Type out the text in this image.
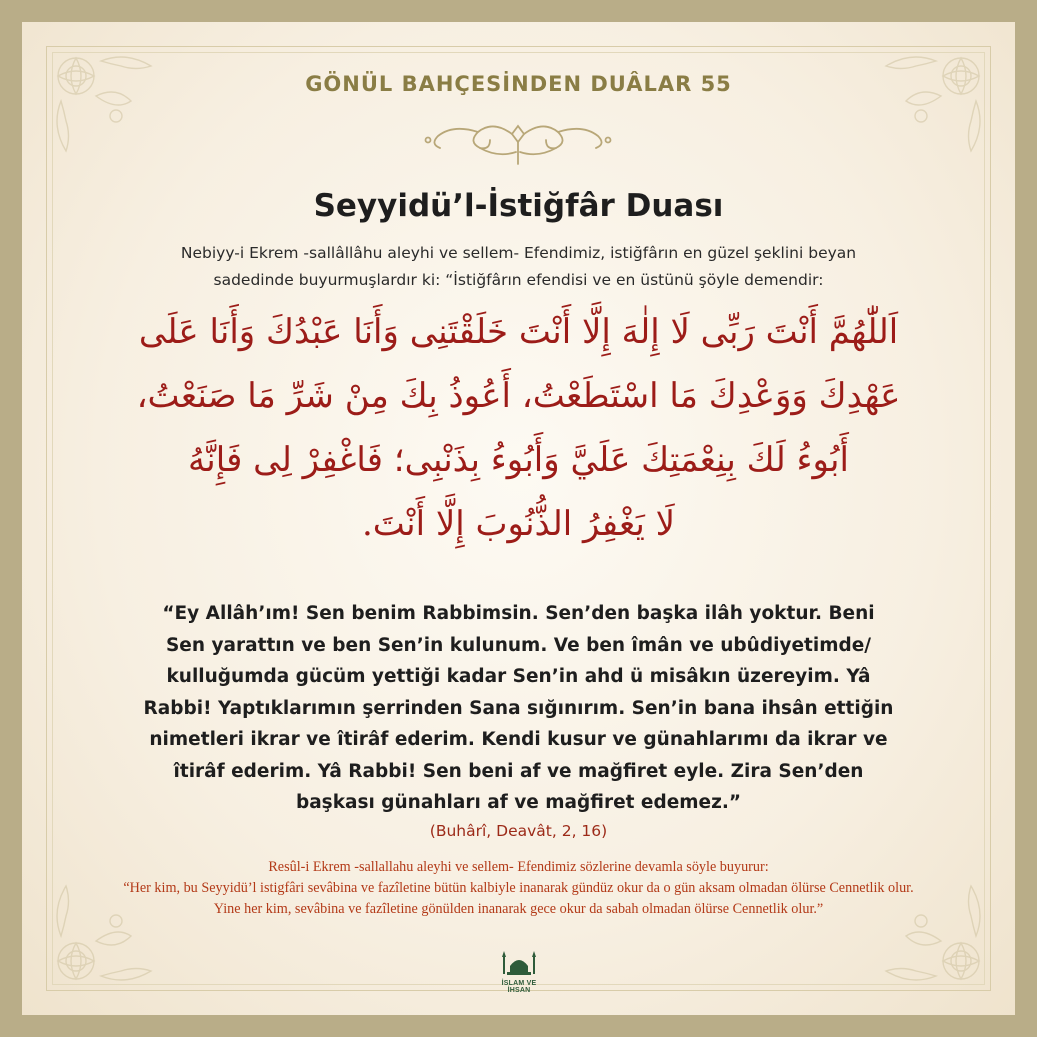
GÖNÜL BAHÇESİNDEN DUÂLAR 55
Seyyidü’l-İstiğfâr Duası
Nebiyy-i Ekrem -sallâllâhu aleyhi ve sellem- Efendimiz, istiğfârın en güzel şeklini beyan sadedinde buyurmuşlardır ki: “İstiğfârın efendisi ve en üstünü şöyle demendir:
اَللّٰهُمَّ أَنْتَ رَبِّى لَا إِلٰهَ إِلَّا أَنْتَ خَلَقْتَنِى وَأَنَا عَبْدُكَ وَأَنَا عَلَى
عَهْدِكَ وَوَعْدِكَ مَا اسْتَطَعْتُ، أَعُوذُ بِكَ مِنْ شَرِّ مَا صَنَعْتُ،
أَبُوءُ لَكَ بِنِعْمَتِكَ عَلَيَّ وَأَبُوءُ بِذَنْبِى؛ فَاغْفِرْ لِى فَإِنَّهُ
لَا يَغْفِرُ الذُّنُوبَ إِلَّا أَنْتَ.
“Ey Allâh’ım! Sen benim Rabbimsin. Sen’den başka ilâh yoktur. Beni Sen yarattın ve ben Sen’in kulunum. Ve ben îmân ve ubûdiyetimde/ kulluğumda gücüm yettiği kadar Sen’in ahd ü misâkın üzereyim. Yâ Rabbi! Yaptıklarımın şerrinden Sana sığınırım. Sen’in bana ihsân ettiğin nimetleri ikrar ve îtirâf ederim. Kendi kusur ve günahlarımı da ikrar ve îtirâf ederim. Yâ Rabbi! Sen beni af ve mağfiret eyle. Zira Sen’den başkası günahları af ve mağfiret edemez.”
(Buhârî, Deavât, 2, 16)
Resûl-i Ekrem -sallallahu aleyhi ve sellem- Efendimiz sözlerine devamla söyle buyurur:
“Her kim, bu Seyyidü’l istigfâri sevâbina ve fazîletine bütün kalbiyle inanarak gündüz okur da o gün aksam olmadan ölürse Cennetlik olur.
Yine her kim, sevâbina ve fazîletine gönülden inanarak gece okur da sabah olmadan ölürse Cennetlik olur.”
İSLAM VE İHSAN
